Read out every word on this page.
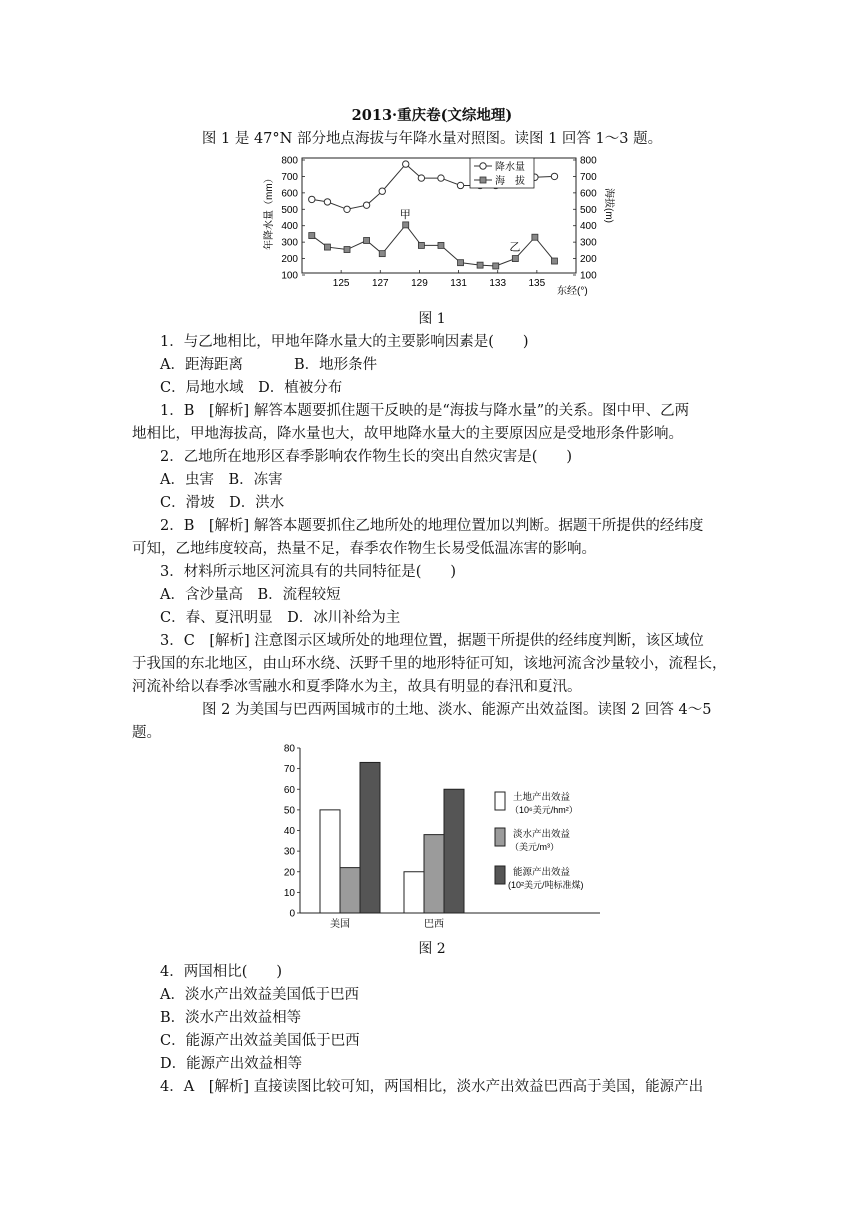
2013·重庆卷(文综地理)
图 1 是 47°N 部分地点海拔与年降水量对照图。读图 1 回答 1～3 题。
800
700
600
500
400
300
200
100
800
700
600
500
400
300
200
100
125 127 129 131 133 135
年降水量（mm）	海拔(m)
东经(°)
降水量
海　拔
甲
乙
图 1
1．与乙地相比，甲地年降水量大的主要影响因素是(　　)
A．距海距离	B．地形条件
C．局地水域　D．植被分布
1．B　[解析] 解答本题要抓住题干反映的是“海拔与降水量”的关系。图中甲、乙两
地相比，甲地海拔高，降水量也大，故甲地降水量大的主要原因应是受地形条件影响。
2．乙地所在地形区春季影响农作物生长的突出自然灾害是(　　)
A．虫害　B．冻害
C．滑坡　D．洪水
2．B　[解析] 解答本题要抓住乙地所处的地理位置加以判断。据题干所提供的经纬度
可知，乙地纬度较高，热量不足，春季农作物生长易受低温冻害的影响。
3．材料所示地区河流具有的共同特征是(　　)
A．含沙量高　B．流程较短
C．春、夏汛明显　D．冰川补给为主
3．C　[解析] 注意图示区域所处的地理位置，据题干所提供的经纬度判断，该区域位
于我国的东北地区，由山环水绕、沃野千里的地形特征可知，该地河流含沙量较小，流程长，
河流补给以春季冰雪融水和夏季降水为主，故具有明显的春汛和夏汛。
图 2 为美国与巴西两国城市的土地、淡水、能源产出效益图。读图 2 回答 4～5
题。
80
70
60
50
40
30
20
10
0
美国	巴西
土地产出效益
（10⁶美元/hm²）
淡水产出效益
（美元/m³）
能源产出效益
(10²美元/吨标准煤)
图 2
4．两国相比(　　)
A．淡水产出效益美国低于巴西
B．淡水产出效益相等
C．能源产出效益美国低于巴西
D．能源产出效益相等
4．A　[解析] 直接读图比较可知，两国相比，淡水产出效益巴西高于美国，能源产出
